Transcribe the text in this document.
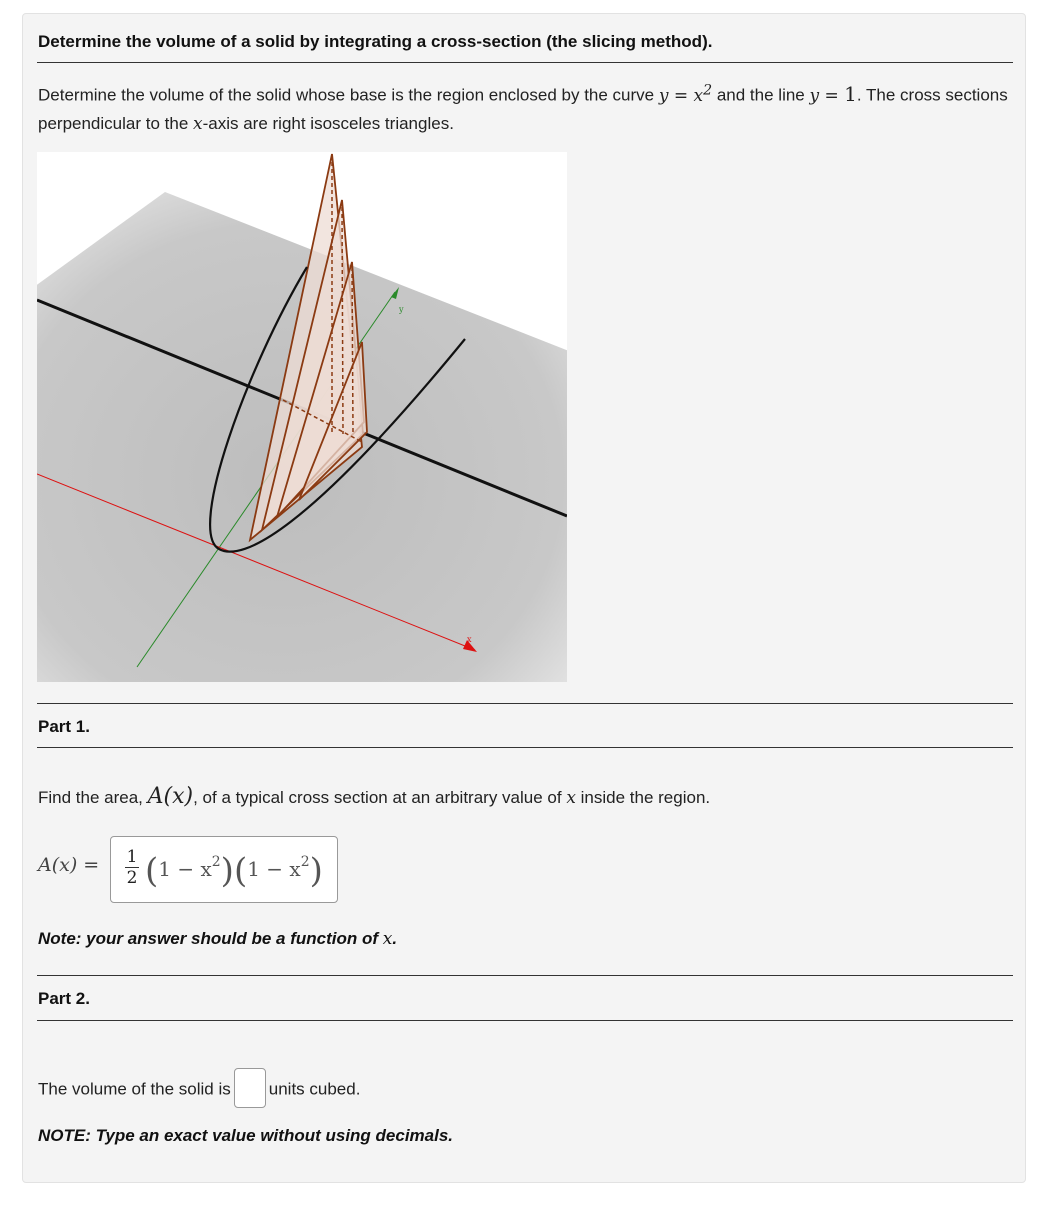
Determine the volume of a solid by integrating a cross-section (the slicing method).
Determine the volume of the solid whose base is the region enclosed by the curve $y = x^2$ and the line y = 1. The cross sections perpendicular to the x-axis are right isosceles triangles.
y
x
Part 1.
Find the area, A(x), of a typical cross section at an arbitrary value of x inside the region.
A(x) = 1
2 $(1 - x^2)(1 - x^2)$
Note: your answer should be a function of x.
Part 2.
The volume of the solid is units cubed.
NOTE: Type an exact value without using decimals.
